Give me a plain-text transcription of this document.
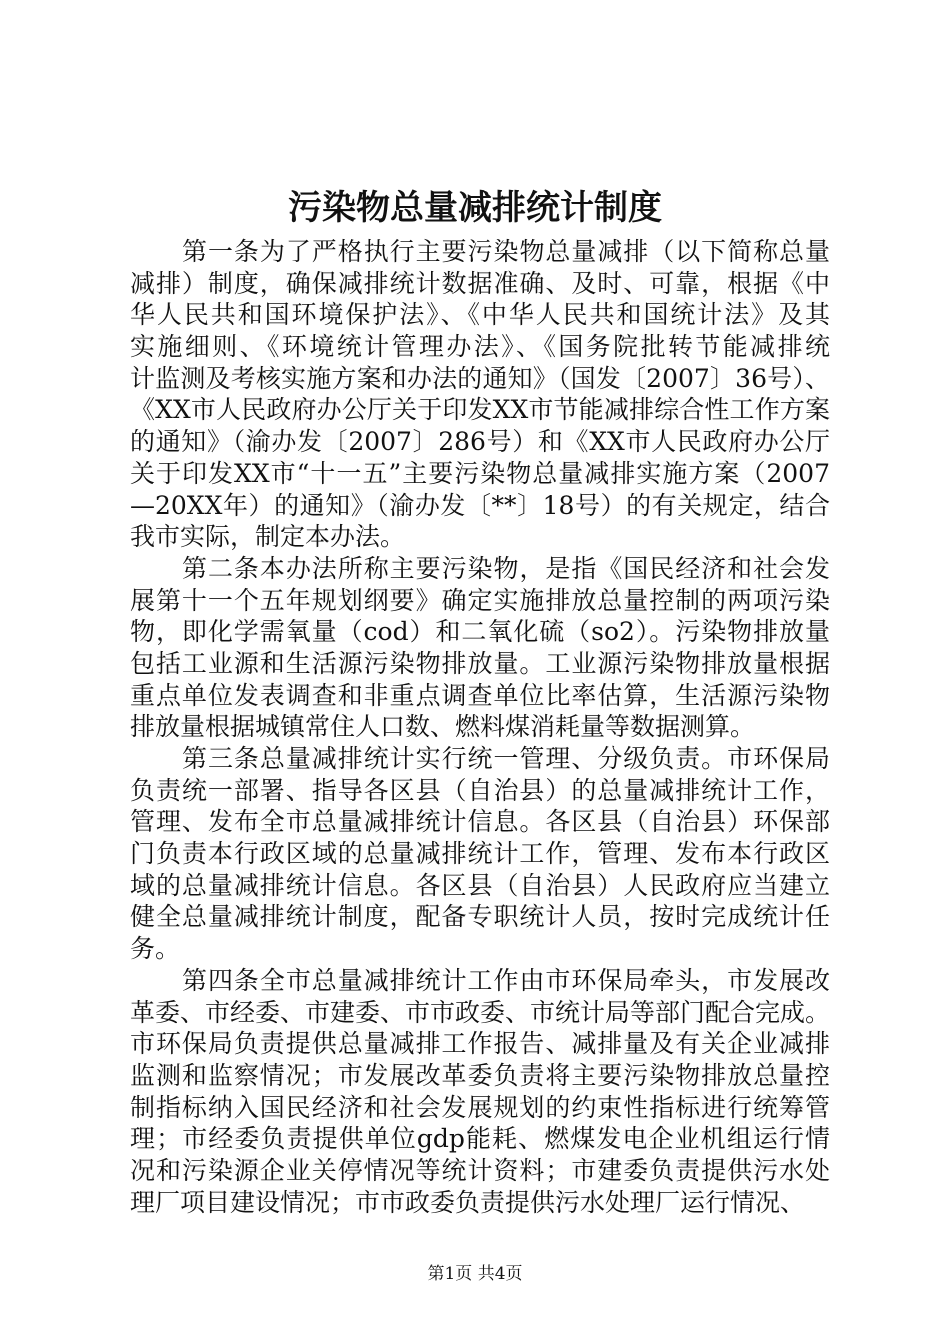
污染物总量减排统计制度
第一条为了严格执行主要污染物总量减排（以下简称总量
减排）制度，确保减排统计数据准确、及时、可靠，根据《中
华人民共和国环境保护法》、《中华人民共和国统计法》及其
实施细则、《环境统计管理办法》、《国务院批转节能减排统
计监测及考核实施方案和办法的通知》（国发〔2007〕36号）、
《XX市人民政府办公厅关于印发XX市节能减排综合性工作方案
的通知》（渝办发〔2007〕286号）和《XX市人民政府办公厅
关于印发XX市“十一五”主要污染物总量减排实施方案（2007
—20XX年）的通知》（渝办发〔**〕18号）的有关规定，结合
我市实际，制定本办法。
第二条本办法所称主要污染物，是指《国民经济和社会发
展第十一个五年规划纲要》确定实施排放总量控制的两项污染
物，即化学需氧量（cod）和二氧化硫（so2）。污染物排放量
包括工业源和生活源污染物排放量。工业源污染物排放量根据
重点单位发表调查和非重点调查单位比率估算，生活源污染物
排放量根据城镇常住人口数、燃料煤消耗量等数据测算。
第三条总量减排统计实行统一管理、分级负责。市环保局
负责统一部署、指导各区县（自治县）的总量减排统计工作，
管理、发布全市总量减排统计信息。各区县（自治县）环保部
门负责本行政区域的总量减排统计工作，管理、发布本行政区
域的总量减排统计信息。各区县（自治县）人民政府应当建立
健全总量减排统计制度，配备专职统计人员，按时完成统计任
务。
第四条全市总量减排统计工作由市环保局牵头，市发展改
革委、市经委、市建委、市市政委、市统计局等部门配合完成。
市环保局负责提供总量减排工作报告、减排量及有关企业减排
监测和监察情况；市发展改革委负责将主要污染物排放总量控
制指标纳入国民经济和社会发展规划的约束性指标进行统筹管
理；市经委负责提供单位gdp能耗、燃煤发电企业机组运行情
况和污染源企业关停情况等统计资料；市建委负责提供污水处
理厂项目建设情况；市市政委负责提供污水处理厂运行情况、
第1页 共4页
